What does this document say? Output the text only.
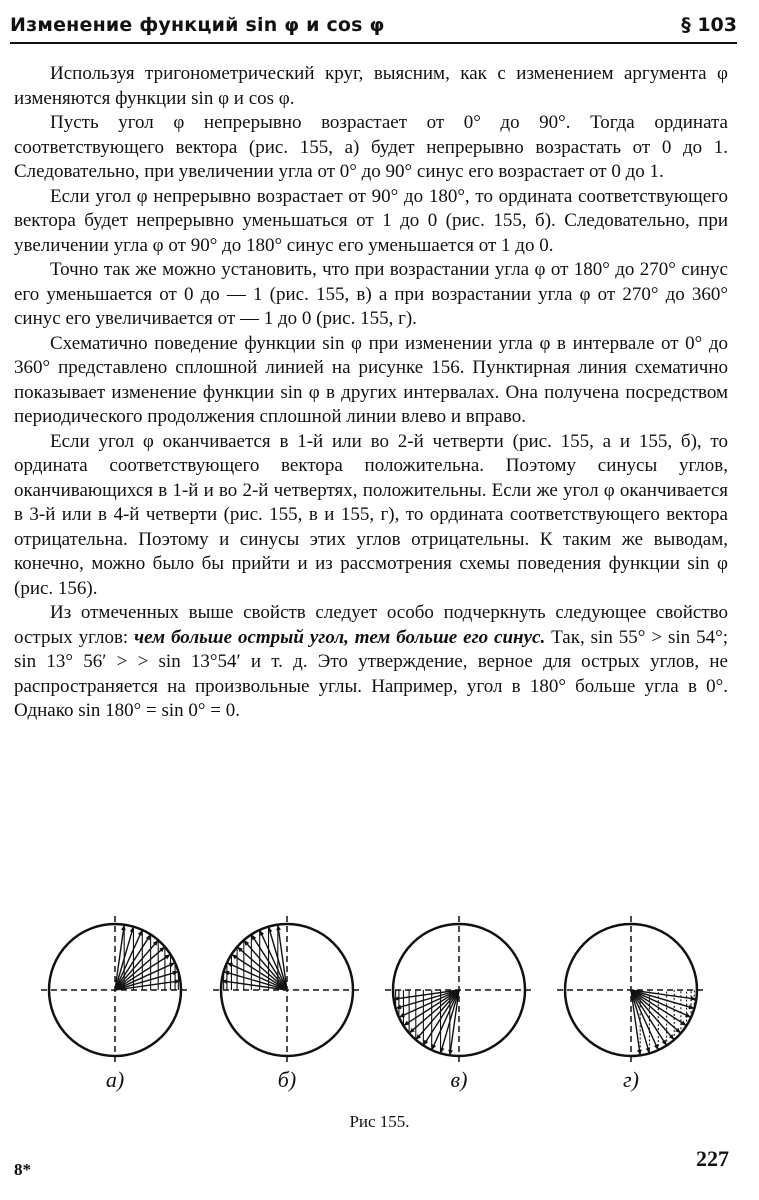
Изменение функций sin φ и cos φ	§ 103

Используя тригонометрический круг, выясним, как с изменением аргумента φ изменяются функции sin φ и cos φ.

Пусть угол φ непрерывно возрастает от 0° до 90°. Тогда ордината соответствующего вектора (рис. 155, а) будет непрерывно возрастать от 0 до 1. Следовательно, при увеличении угла от 0° до 90° синус его возрастает от 0 до 1.

Если угол φ непрерывно возрастает от 90° до 180°, то ордината соответствующего вектора будет непрерывно уменьшаться от 1 до 0 (рис. 155, б). Следовательно, при увеличении угла φ от 90° до 180° синус его уменьшается от 1 до 0.

Точно так же можно установить, что при возрастании угла φ от 180° до 270° синус его уменьшается от 0 до — 1 (рис. 155, в) а при возрастании угла φ от 270° до 360° синус его увеличивается от — 1 до 0 (рис. 155, г).

Схематично поведение функции sin φ при изменении угла φ в интервале от 0° до 360° представлено сплошной линией на рисунке 156. Пунктирная линия схематично показывает изменение функции sin φ в других интервалах. Она получена посредством периодического продолжения сплошной линии влево и вправо.

Если угол φ оканчивается в 1-й или во 2-й четверти (рис. 155, а и 155, б), то ордината соответствующего вектора положительна. Поэтому синусы углов, оканчивающихся в 1-й и во 2-й четвертях, положительны. Если же угол φ оканчивается в 3-й или в 4-й четверти (рис. 155, в и 155, г), то ордината соответствующего вектора отрицательна. Поэтому и синусы этих углов отрицательны. К таким же выводам, конечно, можно было бы прийти и из рассмотрения схемы поведения функции sin φ (рис. 156).

Из отмеченных выше свойств следует особо подчеркнуть следующее свойство острых углов: чем больше острый угол, тем больше его синус. Так, sin 55° > sin 54°; sin 13° 56′ > > sin 13°54′ и т. д. Это утверждение, верное для острых углов, не распространяется на произвольные углы. Например, угол в 180° больше угла в 0°. Однако sin 180° = sin 0° = 0.

а)	б)	в)	г)
Рис 155.
8*	227
